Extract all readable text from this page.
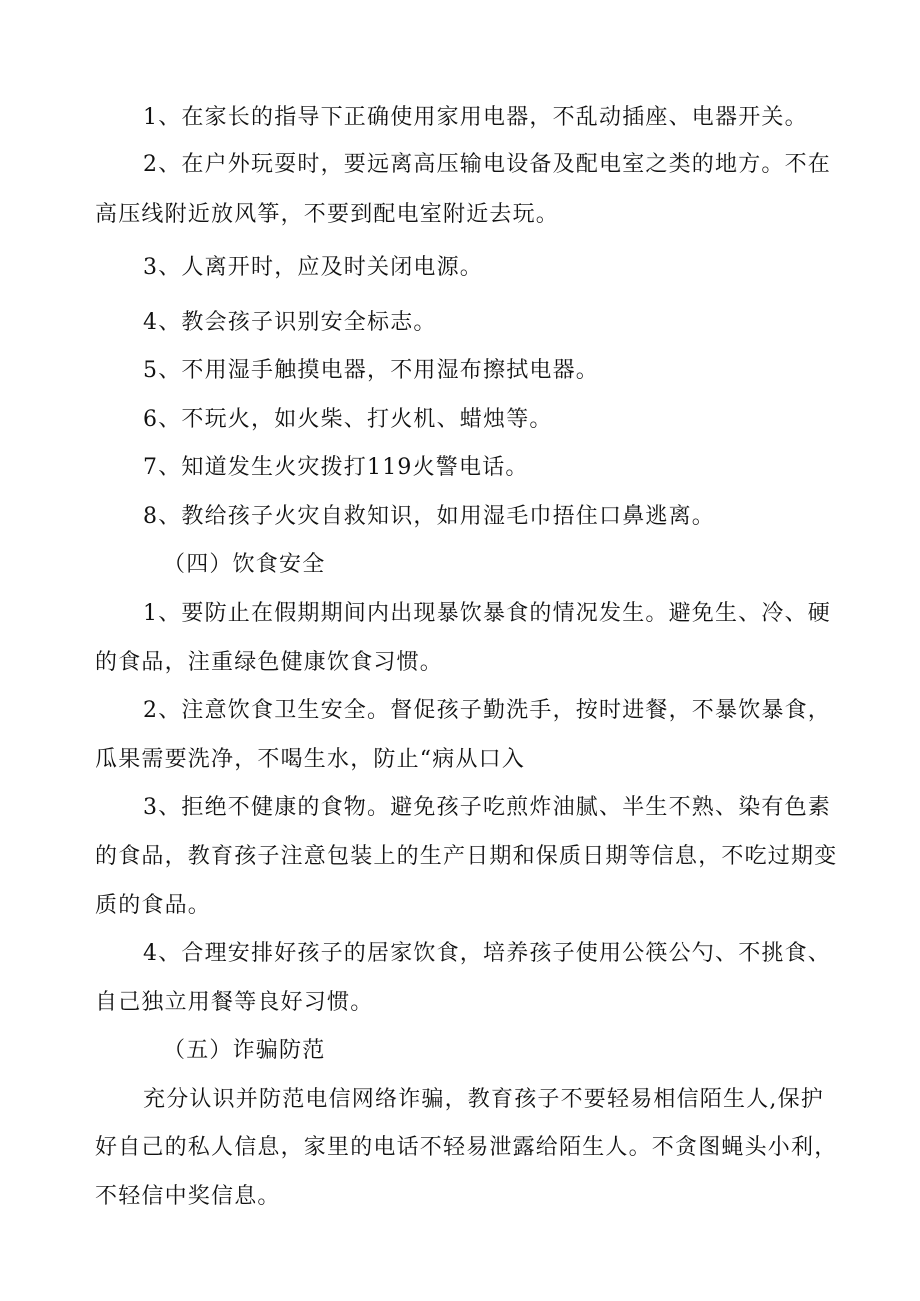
1、在家长的指导下正确使用家用电器，不乱动插座、电器开关。
2、在户外玩耍时，要远离高压输电设备及配电室之类的地方。不在
高压线附近放风筝，不要到配电室附近去玩。
3、人离开时，应及时关闭电源。
4、教会孩子识别安全标志。
5、不用湿手触摸电器，不用湿布擦拭电器。
6、不玩火，如火柴、打火机、蜡烛等。
7、知道发生火灾拨打119火警电话。
8、教给孩子火灾自救知识，如用湿毛巾捂住口鼻逃离。
（四）饮食安全
1、要防止在假期期间内出现暴饮暴食的情况发生。避免生、冷、硬
的食品，注重绿色健康饮食习惯。
2、注意饮食卫生安全。督促孩子勤洗手，按时进餐，不暴饮暴食，
瓜果需要洗净，不喝生水，防止“病从口入
3、拒绝不健康的食物。避免孩子吃煎炸油腻、半生不熟、染有色素
的食品，教育孩子注意包装上的生产日期和保质日期等信息，不吃过期变
质的食品。
4、合理安排好孩子的居家饮食，培养孩子使用公筷公勺、不挑食、
自己独立用餐等良好习惯。
（五）诈骗防范
充分认识并防范电信网络诈骗，教育孩子不要轻易相信陌生人,保护
好自己的私人信息，家里的电话不轻易泄露给陌生人。不贪图蝇头小利，
不轻信中奖信息。
